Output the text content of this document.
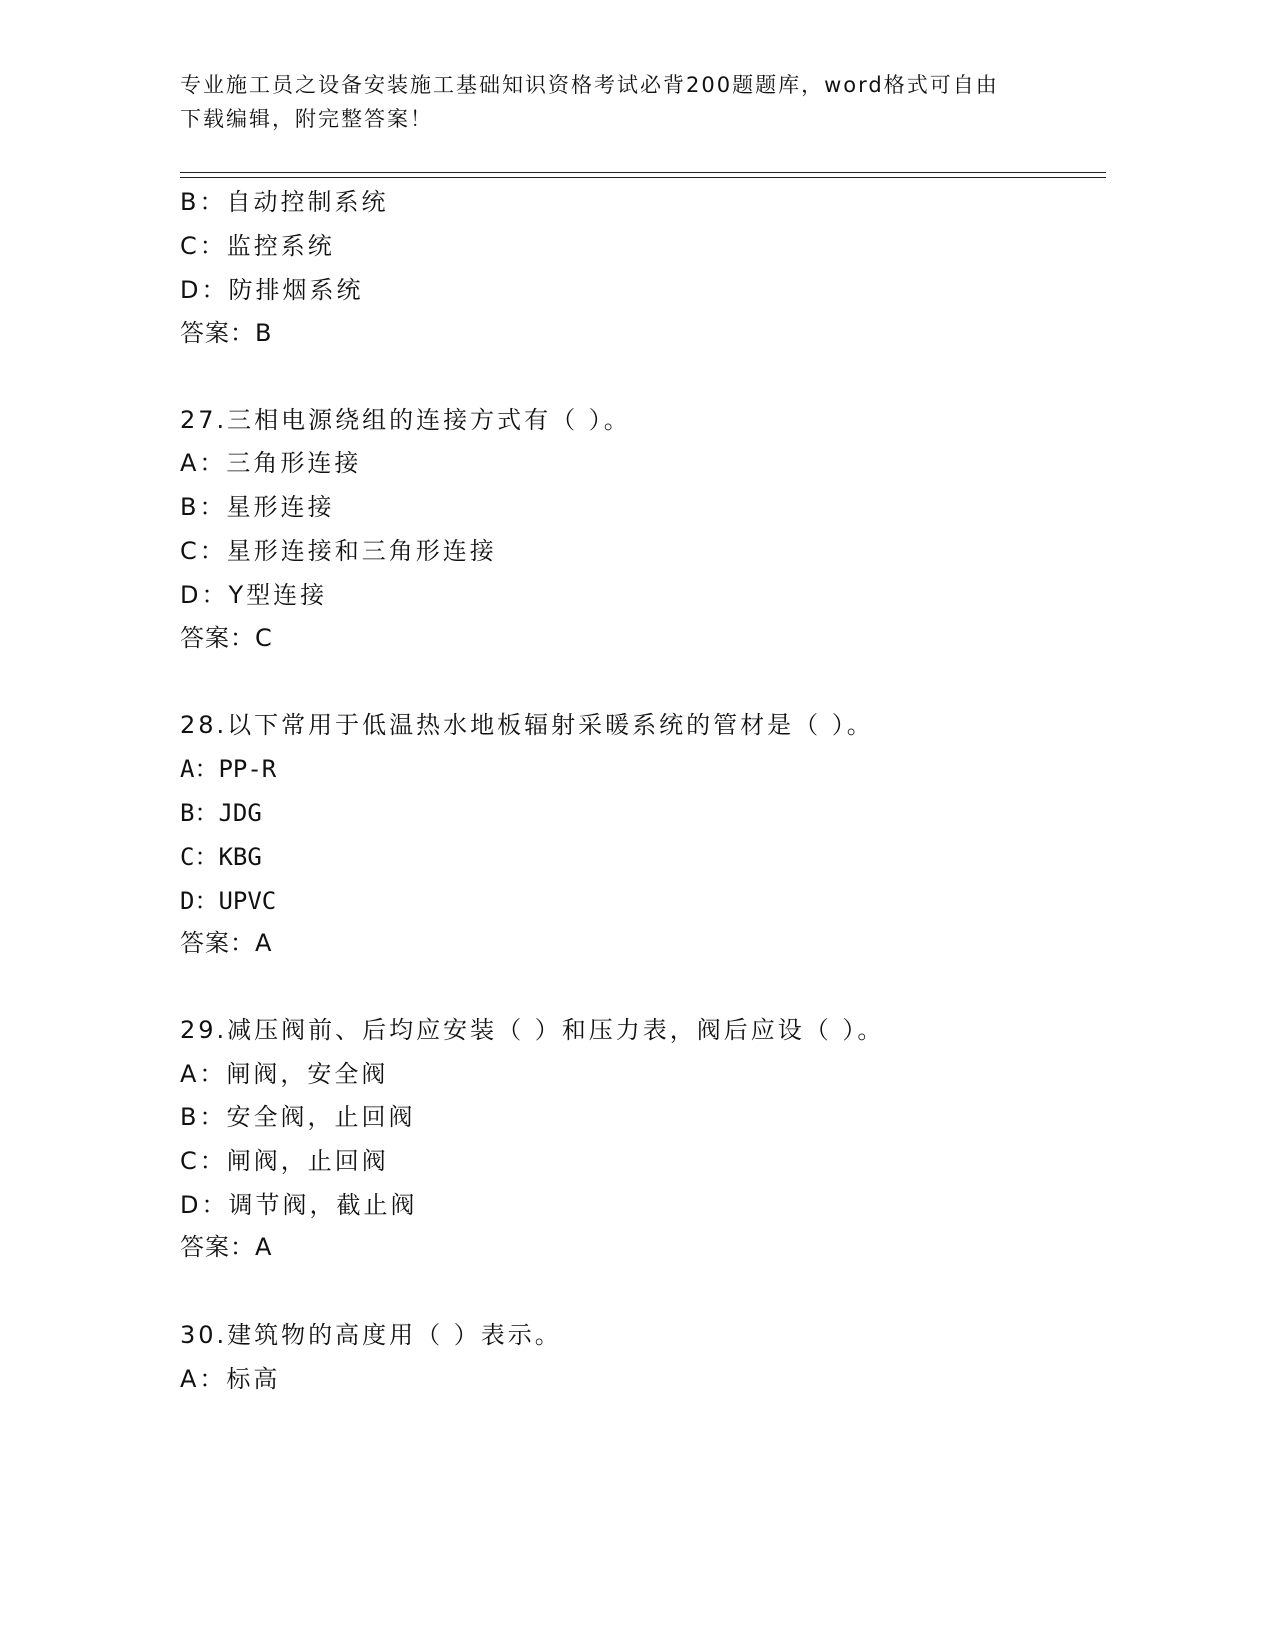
专业施工员之设备安装施工基础知识资格考试必背200题题库，word格式可自由
下载编辑，附完整答案！
B：自动控制系统
C：监控系统
D：防排烟系统
答案：B
27.三相电源绕组的连接方式有（ ）。
A：三角形连接
B：星形连接
C：星形连接和三角形连接
D：Y型连接
答案：C
28.以下常用于低温热水地板辐射采暖系统的管材是（ ）。
A：PP-R
B：JDG
C：KBG
D：UPVC
答案：A
29.减压阀前、后均应安装（ ）和压力表，阀后应设（ ）。
A：闸阀，安全阀
B：安全阀，止回阀
C：闸阀，止回阀
D：调节阀，截止阀
答案：A
30.建筑物的高度用（ ）表示。
A：标高
